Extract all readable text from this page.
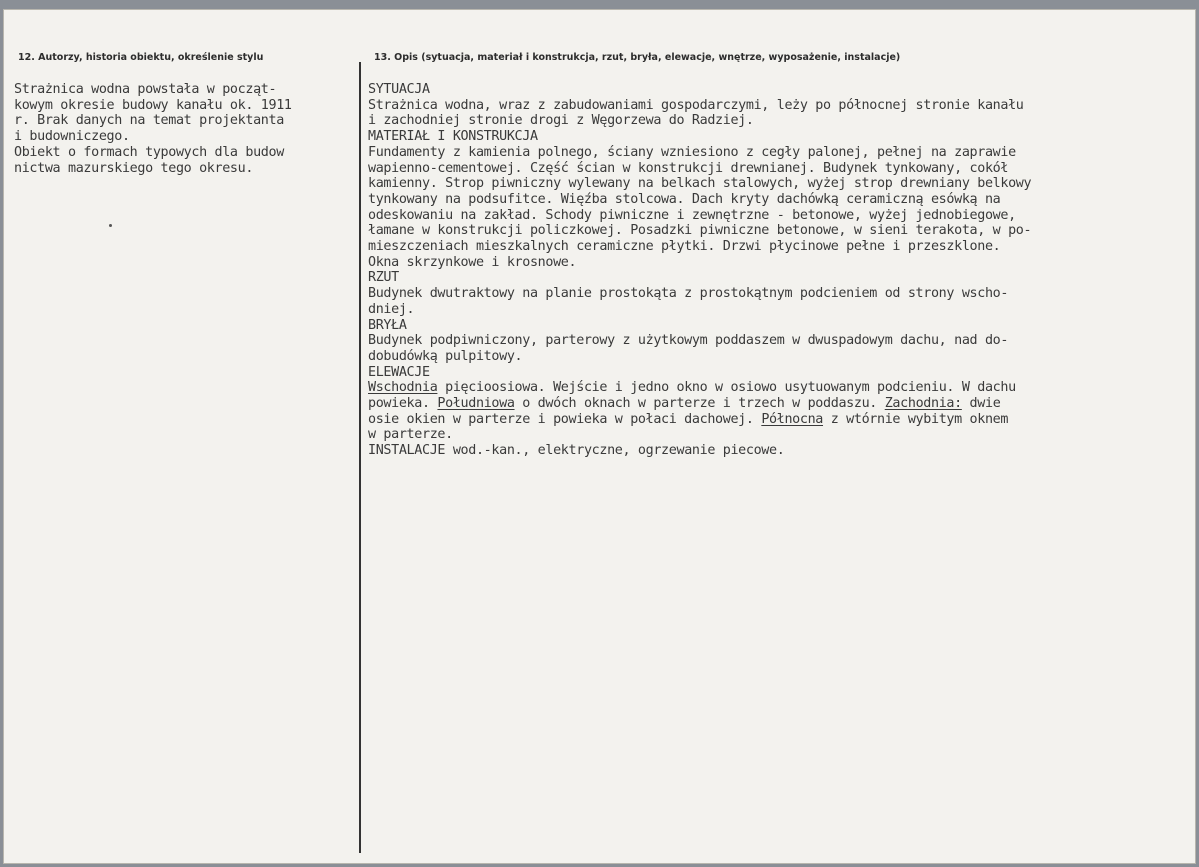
12. Autorzy, historia obiektu, określenie stylu	13. Opis (sytuacja, materiał i konstrukcja, rzut, bryła, elewacje, wnętrze, wyposażenie, instalacje)
Strażnica wodna powstała w począt-
kowym okresie budowy kanału ok. 1911
r. Brak danych na temat projektanta
i budowniczego.
Obiekt o formach typowych dla budow
nictwa mazurskiego tego okresu.
SYTUACJA
Strażnica wodna, wraz z zabudowaniami gospodarczymi, leży po północnej stronie kanału
i zachodniej stronie drogi z Węgorzewa do Radziej.
MATERIAŁ I KONSTRUKCJA
Fundamenty z kamienia polnego, ściany wzniesiono z cegły palonej, pełnej na zaprawie
wapienno-cementowej. Część ścian w konstrukcji drewnianej. Budynek tynkowany, cokół
kamienny. Strop piwniczny wylewany na belkach stalowych, wyżej strop drewniany belkowy
tynkowany na podsufitce. Więźba stolcowa. Dach kryty dachówką ceramiczną esówką na
odeskowaniu na zakład. Schody piwniczne i zewnętrzne - betonowe, wyżej jednobiegowe,
łamane w konstrukcji policzkowej. Posadzki piwniczne betonowe, w sieni terakota, w po-
mieszczeniach mieszkalnych ceramiczne płytki. Drzwi płycinowe pełne i przeszklone.
Okna skrzynkowe i krosnowe.
RZUT
Budynek dwutraktowy na planie prostokąta z prostokątnym podcieniem od strony wscho-
dniej.
BRYŁA
Budynek podpiwniczony, parterowy z użytkowym poddaszem w dwuspadowym dachu, nad do-
dobudówką pulpitowy.
ELEWACJE
Wschodnia pięcioosiowa. Wejście i jedno okno w osiowo usytuowanym podcieniu. W dachu
powieka. Południowa o dwóch oknach w parterze i trzech w poddaszu. Zachodnia: dwie
osie okien w parterze i powieka w połaci dachowej. Północna z wtórnie wybitym oknem
w parterze.
INSTALACJE wod.-kan., elektryczne, ogrzewanie piecowe.
